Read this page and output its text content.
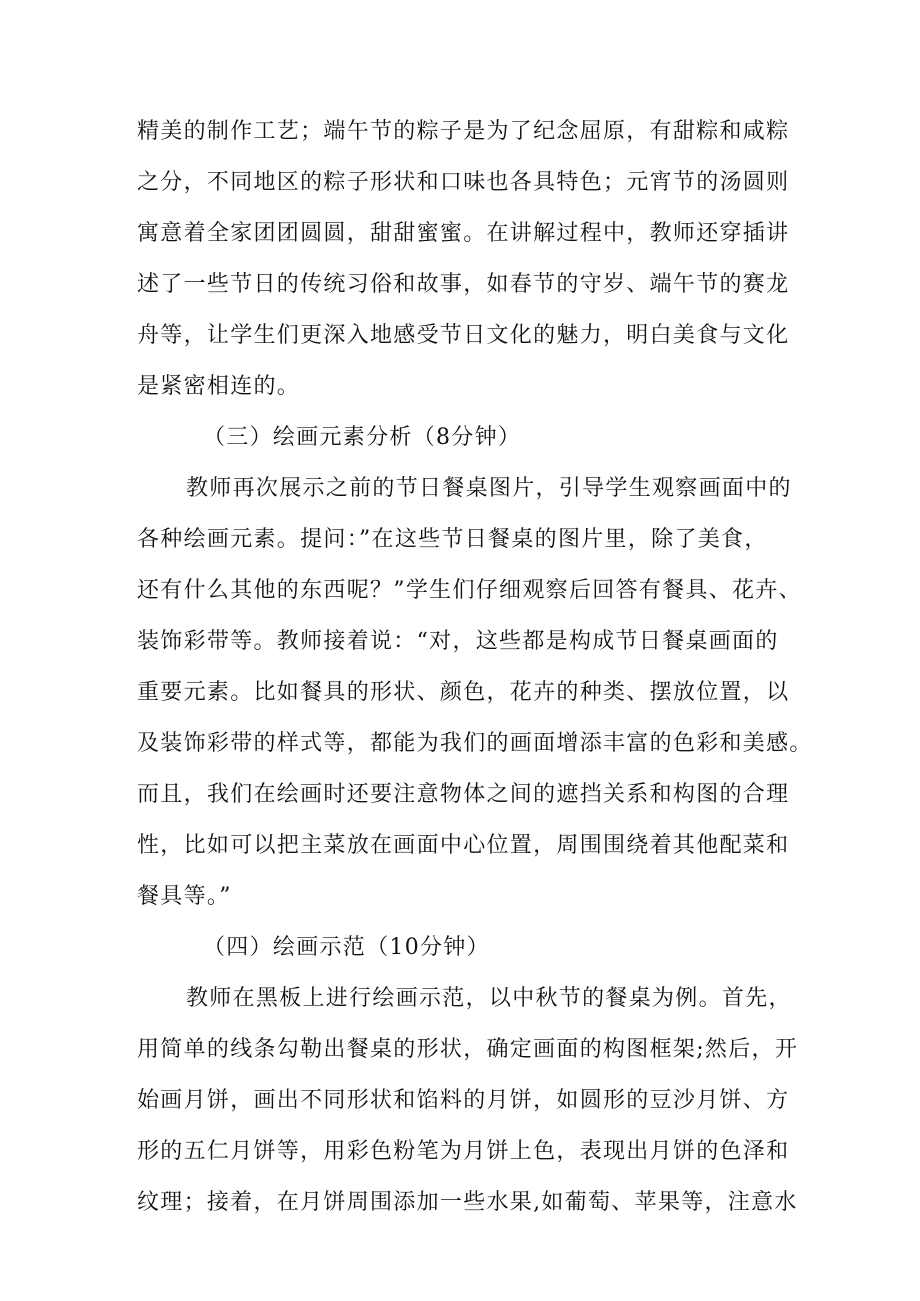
精美的制作工艺；端午节的粽子是为了纪念屈原，有甜粽和咸粽
之分，不同地区的粽子形状和口味也各具特色；元宵节的汤圆则
寓意着全家团团圆圆，甜甜蜜蜜。在讲解过程中，教师还穿插讲
述了一些节日的传统习俗和故事，如春节的守岁、端午节的赛龙
舟等，让学生们更深入地感受节日文化的魅力，明白美食与文化
是紧密相连的。
（三）绘画元素分析（8分钟）
教师再次展示之前的节日餐桌图片，引导学生观察画面中的
各种绘画元素。提问：”在这些节日餐桌的图片里，除了美食，
还有什么其他的东西呢？”学生们仔细观察后回答有餐具、花卉、
装饰彩带等。教师接着说：“对，这些都是构成节日餐桌画面的
重要元素。比如餐具的形状、颜色，花卉的种类、摆放位置，以
及装饰彩带的样式等，都能为我们的画面增添丰富的色彩和美感。
而且，我们在绘画时还要注意物体之间的遮挡关系和构图的合理
性，比如可以把主菜放在画面中心位置，周围围绕着其他配菜和
餐具等。”
（四）绘画示范（10分钟）
教师在黑板上进行绘画示范，以中秋节的餐桌为例。首先，
用简单的线条勾勒出餐桌的形状，确定画面的构图框架;然后，开
始画月饼，画出不同形状和馅料的月饼，如圆形的豆沙月饼、方
形的五仁月饼等，用彩色粉笔为月饼上色，表现出月饼的色泽和
纹理；接着，在月饼周围添加一些水果,如葡萄、苹果等，注意水
